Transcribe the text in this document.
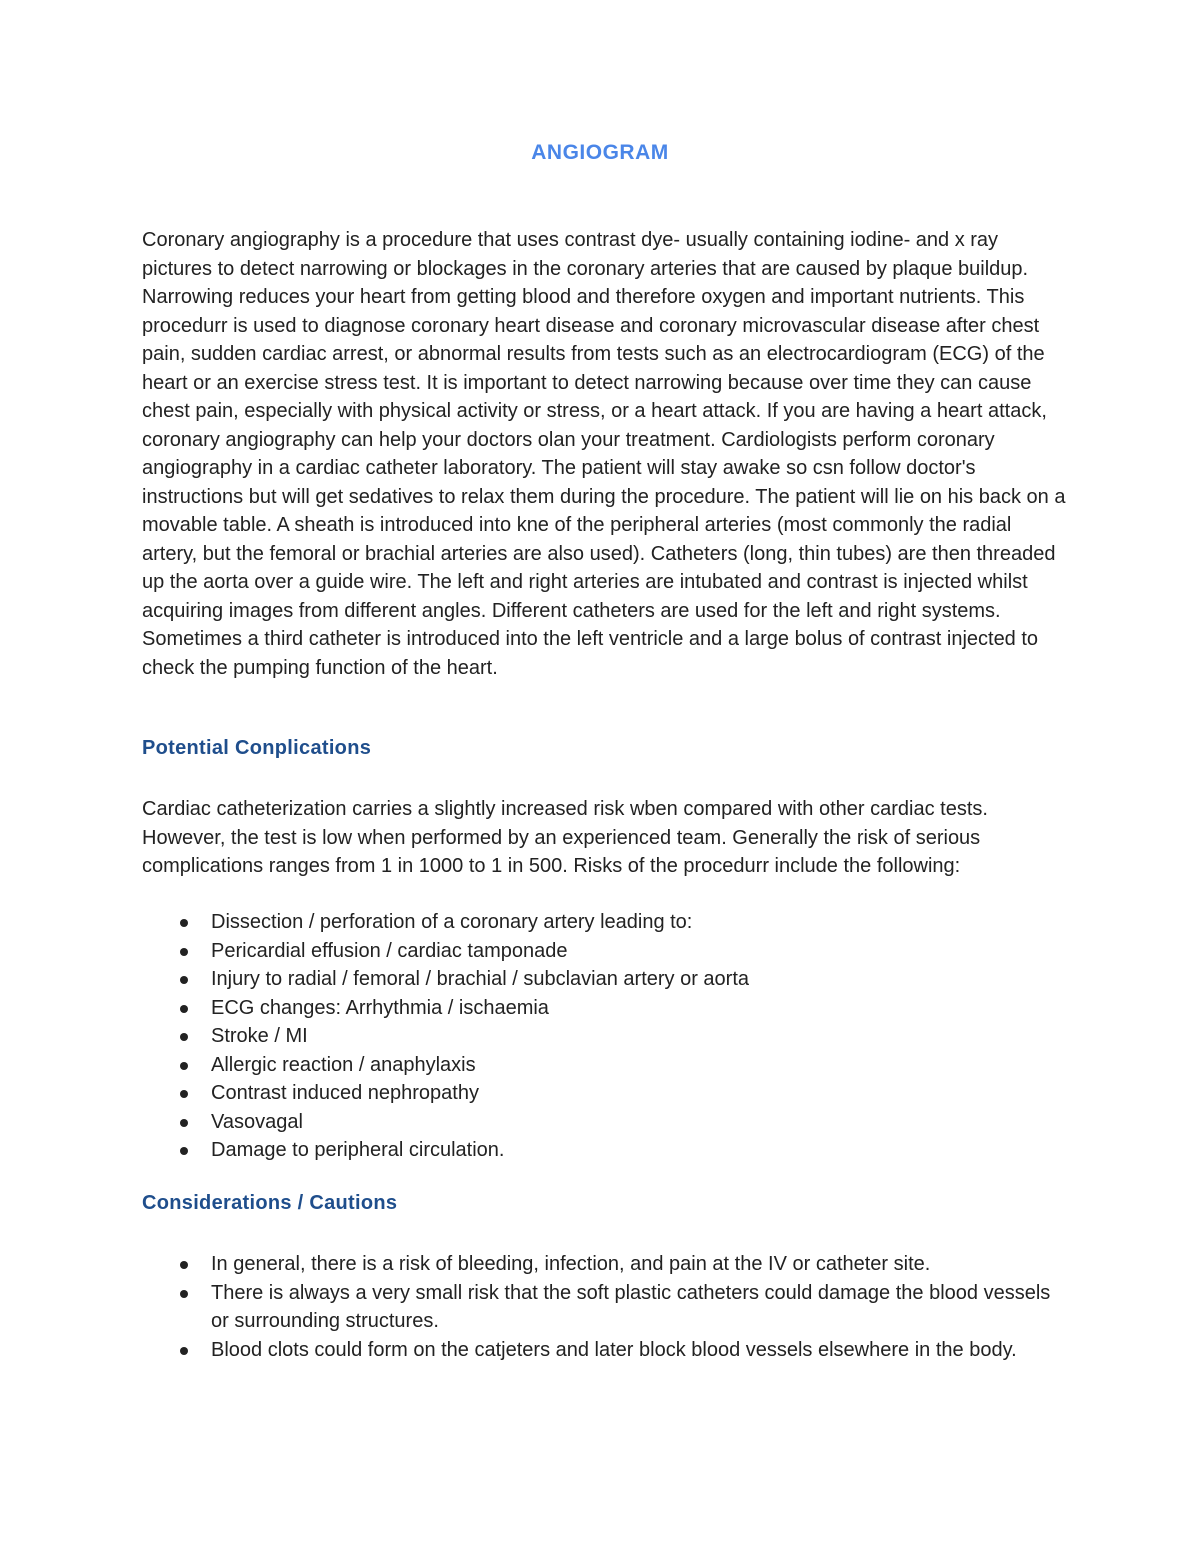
ANGIOGRAM

Coronary angiography is a procedure that uses contrast dye- usually containing iodine- and x ray pictures to detect narrowing or blockages in the coronary arteries that are caused by plaque buildup. Narrowing reduces your heart from getting blood and therefore oxygen and important nutrients. This procedurr is used to diagnose coronary heart disease and coronary microvascular disease after chest pain, sudden cardiac arrest, or abnormal results from tests such as an electrocardiogram (ECG) of the heart or an exercise stress test. It is important to detect narrowing because over time they can cause chest pain, especially with physical activity or stress, or a heart attack. If you are having a heart attack, coronary angiography can help your doctors olan your treatment. Cardiologists perform coronary angiography in a cardiac catheter laboratory. The patient will stay awake so csn follow doctor's instructions but will get sedatives to relax them during the procedure. The patient will lie on his back on a movable table. A sheath is introduced into kne of the peripheral arteries (most commonly the radial artery, but the femoral or brachial arteries are also used). Catheters (long, thin tubes) are then threaded up the aorta over a guide wire. The left and right arteries are intubated and contrast is injected whilst acquiring images from different angles. Different catheters are used for the left and right systems. Sometimes a third catheter is introduced into the left ventricle and a large bolus of contrast injected to check the pumping function of the heart.

Potential Conplications

Cardiac catheterization carries a slightly increased risk wben compared with other cardiac tests. However, the test is low when performed by an experienced team. Generally the risk of serious complications ranges from 1 in 1000 to 1 in 500. Risks of the procedurr include the following:

Dissection / perforation of a coronary artery leading to:
Pericardial effusion / cardiac tamponade
Injury to radial / femoral / brachial / subclavian artery or aorta
ECG changes: Arrhythmia / ischaemia
Stroke / MI
Allergic reaction / anaphylaxis
Contrast induced nephropathy
Vasovagal
Damage to peripheral circulation.
Considerations / Cautions
In general, there is a risk of bleeding, infection, and pain at the IV or catheter site.
There is always a very small risk that the soft plastic catheters could damage the blood vessels or surrounding structures.
Blood clots could form on the catjeters and later block blood vessels elsewhere in the body.
